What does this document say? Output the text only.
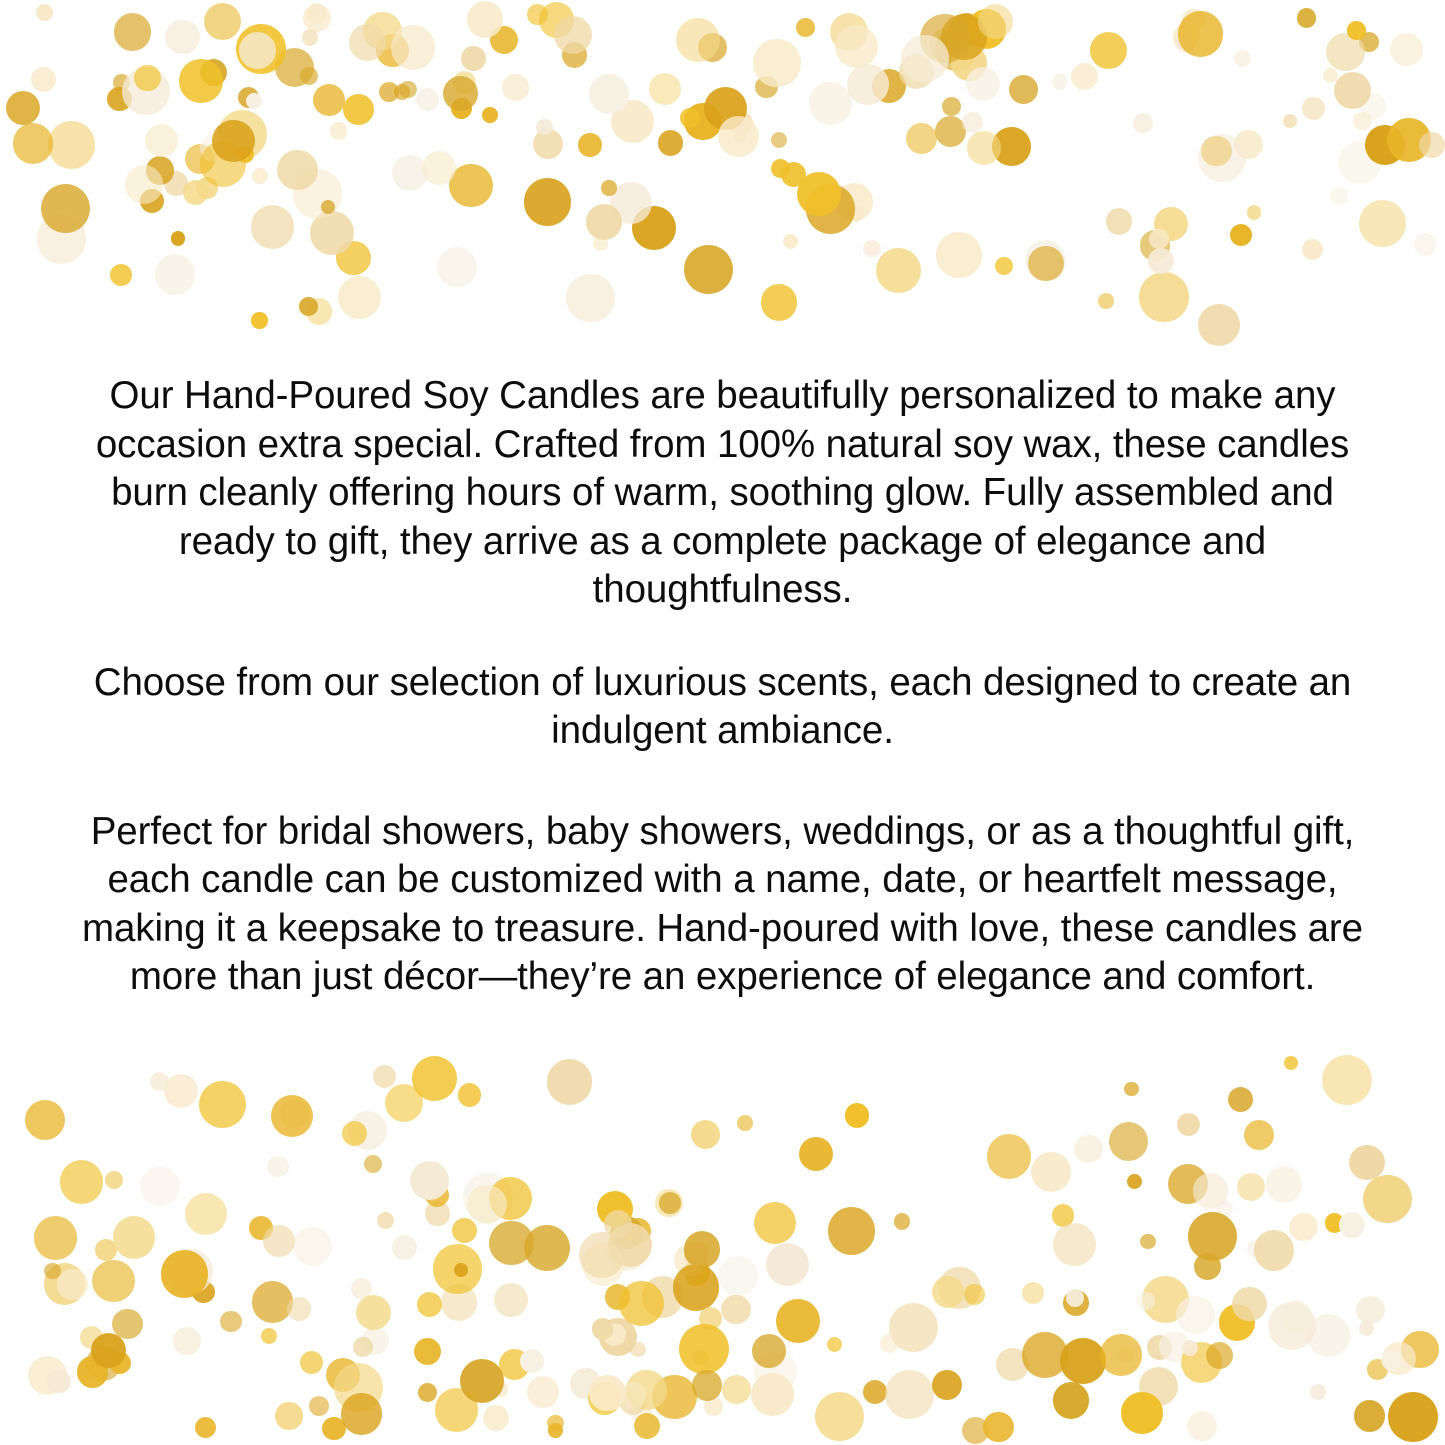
Our Hand-Poured Soy Candles are beautifully personalized to make any occasion extra special. Crafted from 100% natural soy wax, these candles burn cleanly offering hours of warm, soothing glow. Fully assembled and ready to gift, they arrive as a complete package of elegance and thoughtfulness.

Choose from our selection of luxurious scents, each designed to create an indulgent ambiance.

Perfect for bridal showers, baby showers, weddings, or as a thoughtful gift, each candle can be customized with a name, date, or heartfelt message, making it a keepsake to treasure. Hand-poured with love, these candles are more than just décor—they’re an experience of elegance and comfort.
